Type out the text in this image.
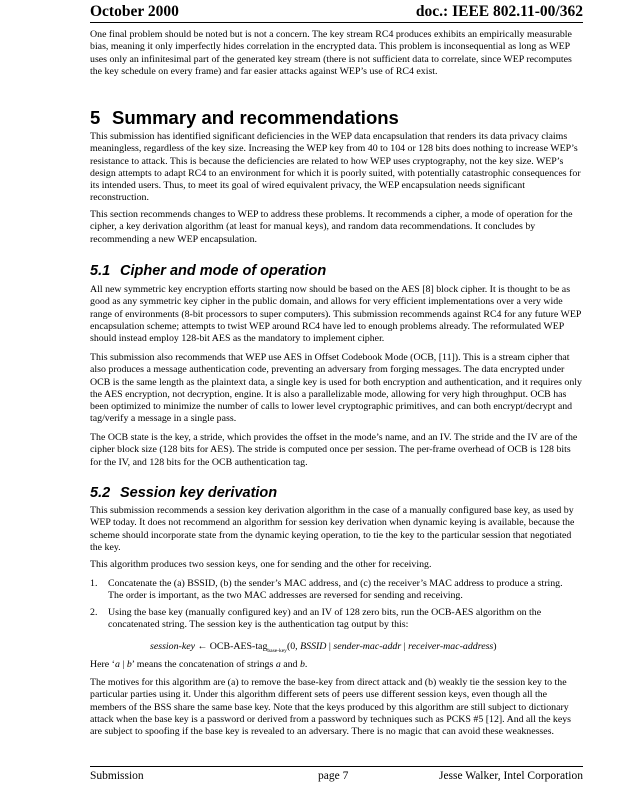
October 2000	doc.: IEEE 802.11-00/362

One final problem should be noted but is not a concern. The key stream RC4 produces exhibits an empirically measurable bias, meaning it only imperfectly hides correlation in the encrypted data. This problem is inconsequential as long as WEP uses only an infinitesimal part of the generated key stream (there is not sufficient data to correlate, since WEP recomputes the key schedule on every frame) and far easier attacks against WEP’s use of RC4 exist.

5 Summary and recommendations

This submission has identified significant deficiencies in the WEP data encapsulation that renders its data privacy claims meaningless, regardless of the key size. Increasing the WEP key from 40 to 104 or 128 bits does nothing to increase WEP’s resistance to attack. This is because the deficiencies are related to how WEP uses cryptography, not the key size. WEP’s design attempts to adapt RC4 to an environment for which it is poorly suited, with potentially catastrophic consequences for its intended users. Thus, to meet its goal of wired equivalent privacy, the WEP encapsulation needs significant reconstruction.

This section recommends changes to WEP to address these problems. It recommends a cipher, a mode of operation for the cipher, a key derivation algorithm (at least for manual keys), and random data recommendations. It concludes by recommending a new WEP encapsulation.

5.1 Cipher and mode of operation

All new symmetric key encryption efforts starting now should be based on the AES [8] block cipher. It is thought to be as good as any symmetric key cipher in the public domain, and allows for very efficient implementations over a very wide range of environments (8-bit processors to super computers). This submission recommends against RC4 for any future WEP encapsulation scheme; attempts to twist WEP around RC4 have led to enough problems already. The reformulated WEP should instead employ 128-bit AES as the mandatory to implement cipher.

This submission also recommends that WEP use AES in Offset Codebook Mode (OCB, [11]). This is a stream cipher that also produces a message authentication code, preventing an adversary from forging messages. The data encrypted under OCB is the same length as the plaintext data, a single key is used for both encryption and authentication, and it requires only the AES encryption, not decryption, engine. It is also a parallelizable mode, allowing for very high throughput. OCB has been optimized to minimize the number of calls to lower level cryptographic primitives, and can both encrypt/decrypt and tag/verify a message in a single pass.

The OCB state is the key, a stride, which provides the offset in the mode’s name, and an IV. The stride and the IV are of the cipher block size (128 bits for AES). The stride is computed once per session. The per-frame overhead of OCB is 128 bits for the IV, and 128 bits for the OCB authentication tag.

5.2 Session key derivation

This submission recommends a session key derivation algorithm in the case of a manually configured base key, as used by WEP today. It does not recommend an algorithm for session key derivation when dynamic keying is available, because the scheme should incorporate state from the dynamic keying operation, to tie the key to the particular session that negotiated the key.

This algorithm produces two session keys, one for sending and the other for receiving.

1. Concatenate the (a) BSSID, (b) the sender’s MAC address, and (c) the receiver’s MAC address to produce a string. The order is important, as the two MAC addresses are reversed for sending and receiving.
2. Using the base key (manually configured key) and an IV of 128 zero bits, run the OCB-AES algorithm on the concatenated string. The session key is the authentication tag output by this:
session-key ← OCB-AES-tag$_{base-key}$(0, BSSID | sender-mac-addr | receiver-mac-address)

Here ‘a | b’ means the concatenation of strings a and b.

The motives for this algorithm are (a) to remove the base-key from direct attack and (b) weakly tie the session key to the particular parties using it. Under this algorithm different sets of peers use different session keys, even though all the members of the BSS share the same base key. Note that the keys produced by this algorithm are still subject to dictionary attack when the base key is a password or derived from a password by techniques such as PCKS #5 [12]. And all the keys are subject to spoofing if the base key is revealed to an adversary. There is no magic that can avoid these weaknesses.

Submission	page 7	Jesse Walker, Intel Corporation
